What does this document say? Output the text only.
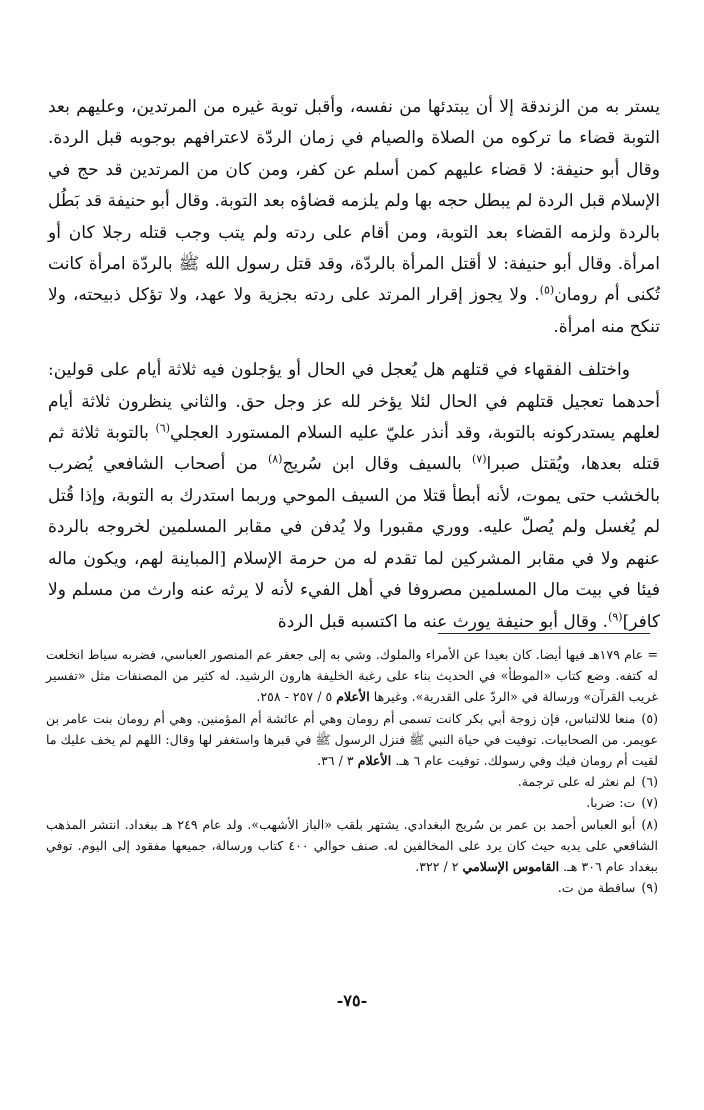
يستر به من الزندقة إلا أن يبتدئها من نفسه، وأقبل توبة غيره من المرتدين، وعليهم بعد التوبة قضاء ما تركوه من الصلاة والصيام في زمان الردّة لاعترافهم بوجوبه قبل الردة. وقال أبو حنيفة: لا قضاء عليهم كمن أسلم عن كفر، ومن كان من المرتدين قد حج في الإسلام قبل الردة لم يبطل حجه بها ولم يلزمه قضاؤه بعد التوبة. وقال أبو حنيفة قد بَطُل بالردة ولزمه القضاء بعد التوبة، ومن أقام على ردته ولم يتب وجب قتله رجلا كان أو امرأة. وقال أبو حنيفة: لا أقتل المرأة بالردّة، وقد قتل رسول الله ﷺ بالردّة امرأة كانت تُكنى أم رومان$^{(٥)}$. ولا يجوز إقرار المرتد على ردته بجزية ولا عهد، ولا تؤكل ذبيحته، ولا تنكح منه امرأة.

واختلف الفقهاء في قتلهم هل يُعجل في الحال أو يؤجلون فيه ثلاثة أيام على قولين: أحدهما تعجيل قتلهم في الحال لئلا يؤخر لله عز وجل حق. والثاني ينظرون ثلاثة أيام لعلهم يستدركونه بالتوبة، وقد أنذر عليّ عليه السلام المستورد العجلي$^{(٦)}$ بالتوبة ثلاثة ثم قتله بعدها، ويُقتل صبرا$^{(٧)}$ بالسيف وقال ابن سُريج$^{(٨)}$ من أصحاب الشافعي يُضرب بالخشب حتى يموت، لأنه أبطأ قتلا من السيف الموحي وربما استدرك به التوبة، وإذا قُتل لم يُغسل ولم يُصلّ عليه. ووري مقبورا ولا يُدفن في مقابر المسلمين لخروجه بالردة عنهم ولا في مقابر المشركين لما تقدم له من حرمة الإسلام [المباينة لهم، ويكون ماله فيئا في بيت مال المسلمين مصروفا في أهل الفيء لأنه لا يرثه عنه وارث من مسلم ولا كافر]$^{(٩)}$. وقال أبو حنيفة يورث عنه ما اكتسبه قبل الردة

= عام ١٧٩هـ فيها أيضا. كان بعيدا عن الأمراء والملوك. وشي به إلى جعفر عم المنصور العباسي، فضربه سياط انخلعت له كتفه. وضع كتاب «الموطأ» في الحديث بناء على رغبة الخليفة هارون الرشيد. له كثير من المصنفات مثل «تفسير غريب القرآن» ورسالة في «الردّ على القدرية». وغيرها الأعلام ٥ / ٢٥٧ - ٢٥٨.

(٥)منعا للالتباس، فإن زوجة أبي بكر كانت تسمى أم رومان وهي أم عائشة أم المؤمنين. وهي أم رومان بنت عامر بن عويمر. من الصحابيات. توفيت في حياة النبي ﷺ فنزل الرسول ﷺ في قبرها واستغفر لها وقال: اللهم لم يخف عليك ما لقيت أم رومان فيك وفي رسولك. توفيت عام ٦ هـ. الأعلام ٣ / ٣٦.

(٦)لم نعثر له على ترجمة.

(٧)ت: ضربا.

(٨)أبو العباس أحمد بن عمر بن سُريج البغدادي. يشتهر بلقب «الباز الأشهب». ولد عام ٢٤٩ هـ ببغداد. انتشر المذهب الشافعي على يديه حيث كان يرد على المخالفين له. صنف حوالي ٤٠٠ كتاب ورسالة، جميعها مفقود إلى اليوم. توفي ببغداد عام ٣٠٦ هـ. القاموس الإسلامي ٢ / ٣٢٢.

(٩)ساقطة من ت.

-٧٥-
